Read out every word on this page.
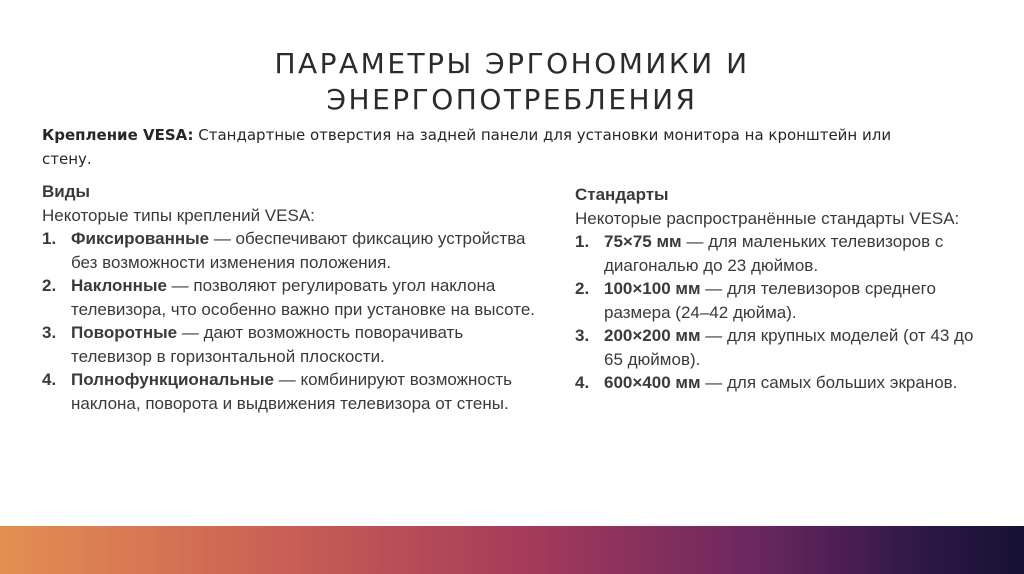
ПАРАМЕТРЫ ЭРГОНОМИКИ И ЭНЕРГОПОТРЕБЛЕНИЯ
Крепление VESA: Стандартные отверстия на задней панели для установки монитора на кронштейн или стену.
Виды
Некоторые типы креплений VESA:
1. Фиксированные — обеспечивают фиксацию устройства без возможности изменения положения.
2. Наклонные — позволяют регулировать угол наклона телевизора, что особенно важно при установке на высоте.
3. Поворотные — дают возможность поворачивать телевизор в горизонтальной плоскости.
4. Полнофункциональные — комбинируют возможность наклона, поворота и выдвижения телевизора от стены.
Стандарты
Некоторые распространённые стандарты VESA:
1. 75×75 мм — для маленьких телевизоров с диагональю до 23 дюймов.
2. 100×100 мм — для телевизоров среднего размера (24–42 дюйма).
3. 200×200 мм — для крупных моделей (от 43 до 65 дюймов).
4. 600×400 мм — для самых больших экранов.
